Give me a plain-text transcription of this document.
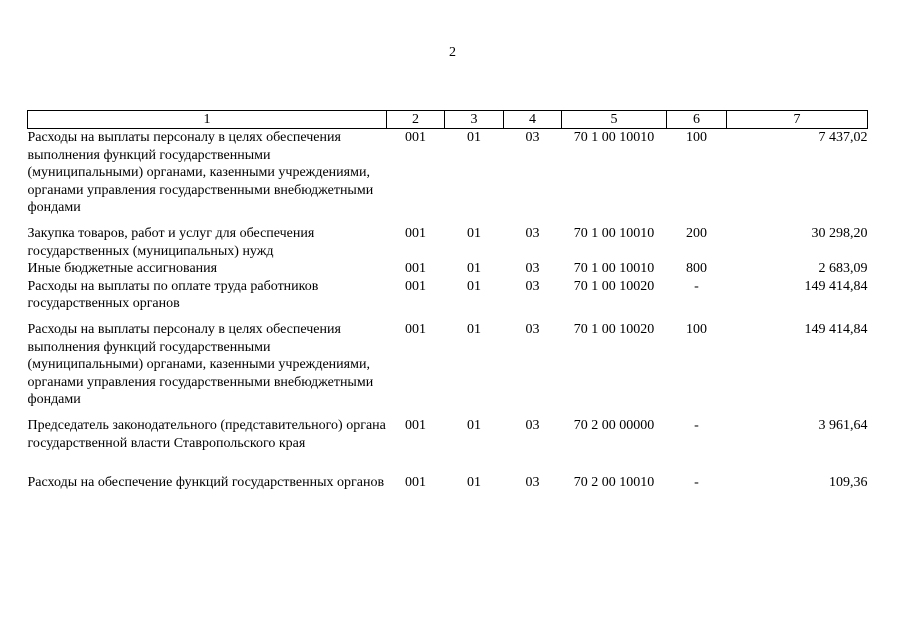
2
1	2	3	4	5	6	7
Расходы на выплаты персоналу в целях обеспечения выполнения функций государственными (муниципальными) органами, казенными учреждениями, органами управления государственными внебюджетными фондами	001	01	03	70 1 00 10010	100	7 437,02
Закупка товаров, работ и услуг для обеспечения государственных (муниципальных) нужд	001	01	03	70 1 00 10010	200	30 298,20
Иные бюджетные ассигнования	001	01	03	70 1 00 10010	800	2 683,09
Расходы на выплаты по оплате труда работников государственных органов	001	01	03	70 1 00 10020	-	149 414,84
Расходы на выплаты персоналу в целях обеспечения выполнения функций государственными (муниципальными) органами, казенными учреждениями, органами управления государственными внебюджетными фондами	001	01	03	70 1 00 10020	100	149 414,84
Председатель законодательного (представительного) органа государственной власти Ставропольского края	001	01	03	70 2 00 00000	-	3 961,64
Расходы на обеспечение функций государственных органов	001	01	03	70 2 00 10010	-	109,36
